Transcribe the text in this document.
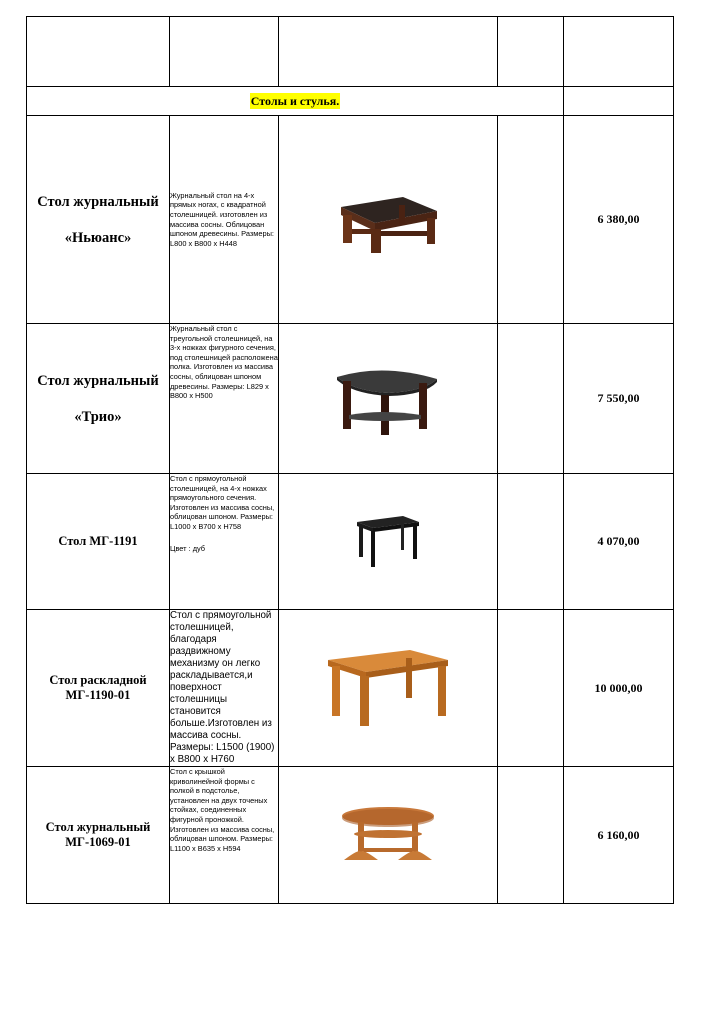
Столы и стулья.				

Стол журнальный
«Ньюанс»	Журнальный стол на 4-х прямых ногах, с квадратной столешницей. изготовлен из массива сосны. Облицован шпоном древесины. Размеры: L800 х B800 х H448			6 380,00

Стол журнальный
«Трио»	Журнальный стол с треугольной столешницей, на 3-х ножках фигурного сечения, под столешницей расположена полка. Изготовлен из массива сосны, облицован шпоном древесины. Размеры: L829 х B800 х H500			7 550,00
Стол МГ-1191	Стол с прямоугольной столешницей, на 4-х ножках прямоугольного сечения. Изготовлен из массива сосны, облицован шпоном. Размеры: L1000 х B700 х H758
Цвет : дуб			4 070,00
Стол раскладной МГ-1190-01	Стол с прямоугольной столешницей, благодаря раздвижному механизму он легко раскладывается,и поверхност столешницы становится больше.Изготовлен из массива сосны. Размеры: L1500 (1900) х B800 х H760			10 000,00
Стол журнальный МГ-1069-01	Стол с крышкой криволинейной формы с полкой в подстолье, установлен на двух точеных стойках, соединенных фигурной проножкой. Изготовлен из массива сосны, облицован шпоном. Размеры: L1100 х B635 х H594			6 160,00
